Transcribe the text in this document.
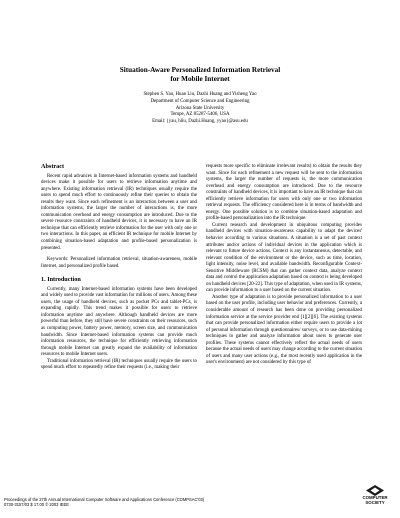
Situation-Aware Personalized Information Retrieval
for Mobile Internet
Stephen S. Yau, Huan Liu, Dazhi Huang and Yisheng Yao
Department of Computer Science and Engineering
Arizona State University
Tempe, AZ 85287-5406, USA
Email: {yau, hliu, Dazhi.Huang, yyao}@asu.edu
Abstract

Recent rapid advances in Internet-based information systems and handheld devices make it possible for users to retrieve information anytime and anywhere. Existing information retrieval (IR) techniques usually require the users to spend much effort to continuously refine their queries to obtain the results they want. Since each refinement is an interaction between a user and information systems, the larger the number of interactions is, the more communication overhead and energy consumption are introduced. Due to the severe resource constraints of handheld devices, it is necessary to have an IR technique that can efficiently retrieve information for the user with only one or two interactions. In this paper, an efficient IR technique for mobile Internet by combining situation-based adaptation and profile-based personalization is presented.

Keywords: Personalized information retrieval, situation-awareness, mobile Internet, and personalized profile based.

1. Introduction

Currently, many Internet-based information systems have been developed and widely used to provide vast information for millions of users. Among these users, the usage of handheld devices, such as pocket PCs and tablet-PCs, is expanding rapidly. This trend makes it possible for users to retrieve information anytime and anywhere. Although handheld devices are more powerful than before, they still have severe constraints on their resources, such as computing power, battery power, memory, screen size, and communication bandwidth. Since Internet-based information systems can provide much information resources, the technique for efficiently retrieving information through mobile Internet can greatly expand the availability of information resources to mobile Internet users.

Traditional information retrieval (IR) techniques usually require the users to spend much effort to repeatedly refine their requests (i.e., making their

requests more specific to eliminate irrelevant results) to obtain the results they want. Since for each refinement a new request will be sent to the information systems, the larger the number of requests is, the more communication overhead and energy consumption are introduced. Due to the resource constraints of handheld devices, it is important to have an IR technique that can efficiently retrieve information for users with only one or two information retrieval requests. The efficiency considered here is in terms of bandwidth and energy. One possible solution is to combine situation-based adaptation and profile-based personalization into the IR technique.

Current research and development in ubiquitous computing provides handheld devices with situation-awareness capability to adapt the devices' behavior according to various situations. A situation is a set of past context attributes and/or actions of individual devices in the application which is relevant to future device actions. Context is any instantaneous, detectable, and relevant condition of the environment or the device, such as time, location, light intensity, noise level, and available bandwidth. Reconfigurable Context-Sensitive Middleware (RCSM) that can gather context data, analyze context data and control the application adaptation based on context is being developed on handheld devices [20-22]. This type of adaptation, when used in IR systems, can provide information to a user based on the current situation.

Another type of adaptation is to provide personalized information to a user based on the user profile, including user behavior and preferences. Currently, a considerable amount of research has been done on providing personalized information service at the service provider end [1][2][6]. The existing systems that can provide personalized information either require users to provide a lot of personal information through questionnaires/ surveys, or to use data-mining techniques to gather and analyze information about users to generate user profiles. These systems cannot effectively reflect the actual needs of users because the actual needs of users may change according to the current situation of users and many user actions (e.g., the most recently used application in the user's environment) are not considered by this type of

Proceedings of the 27th Annual International Computer Software and Applications Conference (COMPSAC'03)
0730-3157/03 $ 17.00 © 2003 IEEE
COMPUTER
SOCIETY
